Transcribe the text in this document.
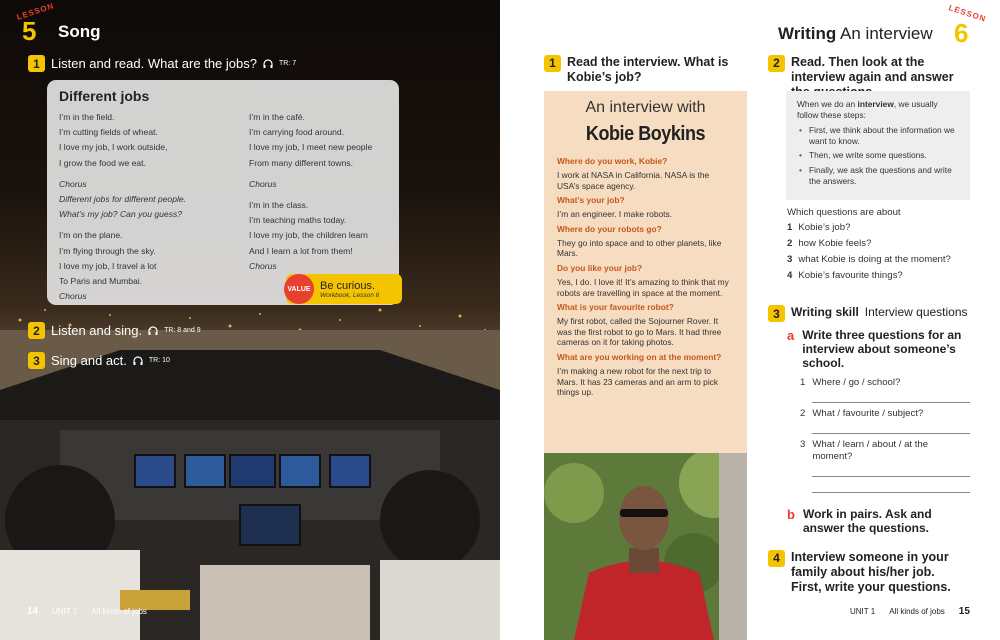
LESSON
5 Song
1 Listen and read. What are the jobs?	TR: 7
Different jobs

I’m in the field.

I’m cutting fields of wheat.

I love my job, I work outside,

I grow the food we eat.

Chorus

Different jobs for different people.

What’s my job? Can you guess?

I’m on the plane.

I’m flying through the sky.

I love my job, I travel a lot

To Paris and Mumbai.

Chorus

I’m in the café.

I’m carrying food around.

I love my job, I meet new people

From many different towns.

Chorus

I’m in the class.

I’m teaching maths today.

I love my job, the children learn

And I learn a lot from them!

Chorus

VALUE Be curious.
Workbook, Lesson 6
2 Listen and sing.	TR: 8 and 9
3 Sing and act.	TR: 10
14 UNIT 1 All kinds of jobs
1 Read the interview. What is Kobie’s job?
An interview with
Kobie Boykins
Where do you work, Kobie?
I work at NASA in California. NASA is the USA’s space agency.
What’s your job?
I’m an engineer. I make robots.
Where do your robots go?
They go into space and to other planets, like Mars.
Do you like your job?
Yes, I do. I love it! It’s amazing to think that my robots are travelling in space at the moment.
What is your favourite robot?
My first robot, called the Sojourner Rover. It was the first robot to go to Mars. It had three cameras on it for taking photos.
What are you working on at the moment?
I’m making a new robot for the next trip to Mars. It has 23 cameras and an arm to pick things up.
Writing An interview
LESSON
6
2 Read. Then look at the interview again and answer
When we do an interview, we usually follow these steps:
• First, we think about the information we want to know.
• Then, we write some questions.
• Finally, we ask the questions and write the answers.
Which questions are about
1 Kobie’s job?
2 how Kobie feels?
3 what Kobie is doing at the moment?
4 Kobie’s favourite things?
3 Writing skill Interview questions
a Write three questions for an interview about someone’s school.
1 Where / go / school?
2 What / favourite / subject?
3 What / learn / about / at the moment?
b Work in pairs. Ask and answer the questions.
4 Interview someone in your family about his/her job. First, write your questions.
UNIT 1 All kinds of jobs 15
